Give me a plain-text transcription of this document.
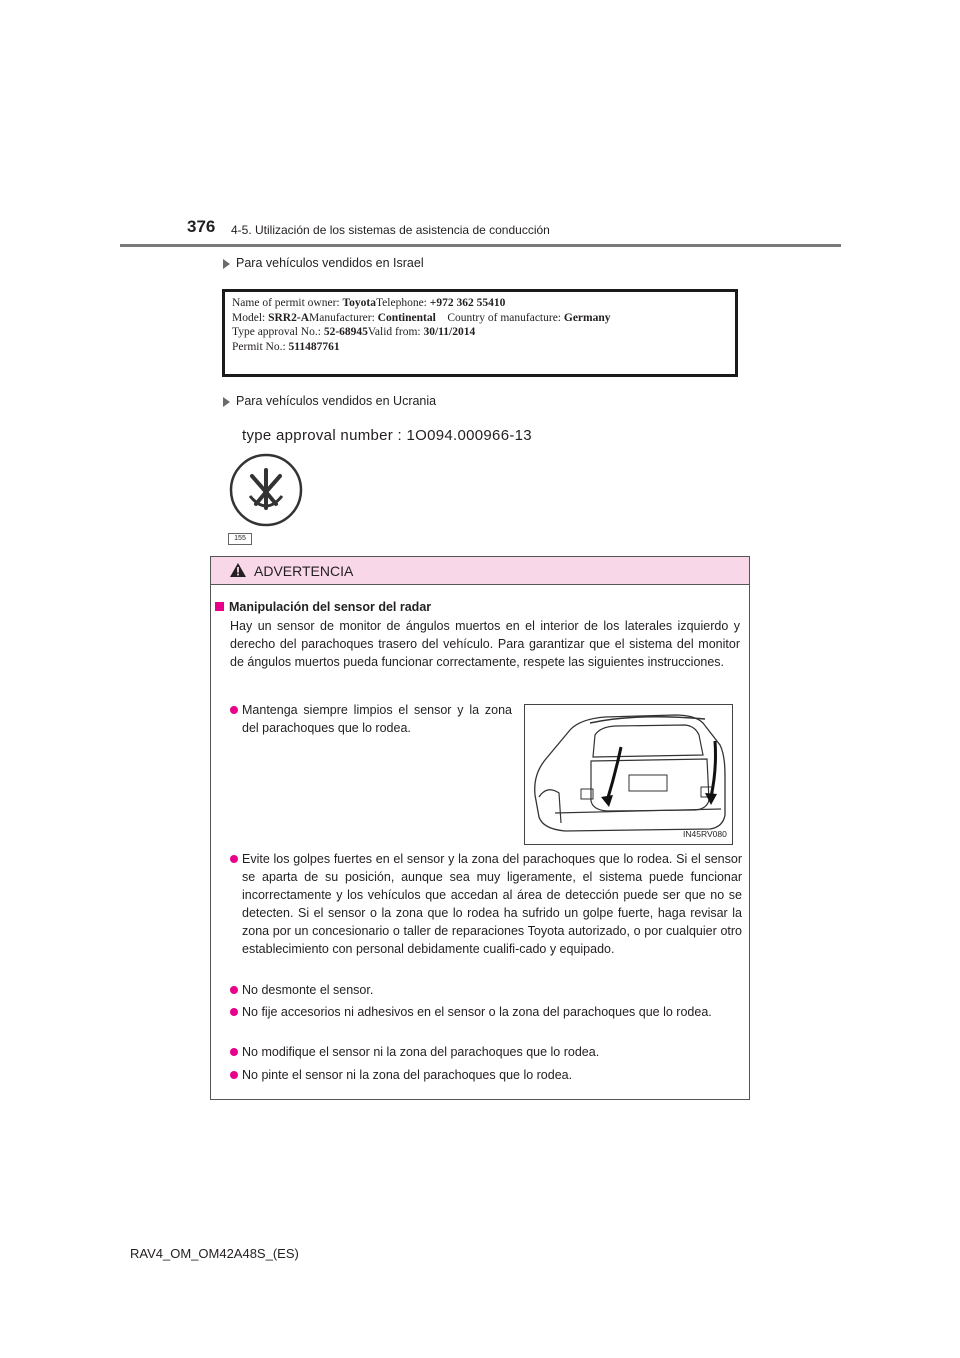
376 4-5. Utilización de los sistemas de asistencia de conducción
Para vehículos vendidos en Israel
Name of permit owner: ToyotaTelephone: +972 362 55410
Model: SRR2-AManufacturer: Continental Country of manufacture: Germany
Type approval No.: 52-68945Valid from: 30/11/2014
Permit No.: 511487761
Para vehículos vendidos en Ucrania
type approval number : 1O094.000966-13
155
ADVERTENCIA
Manipulación del sensor del radar
Hay un sensor de monitor de ángulos muertos en el interior de los laterales izquierdo y derecho del parachoques trasero del vehículo. Para garantizar que el sistema del monitor de ángulos muertos pueda funcionar correctamente, respete las siguientes instrucciones.
Mantenga siempre limpios el sensor y la zona del parachoques que lo rodea.
IN45RV080
Evite los golpes fuertes en el sensor y la zona del parachoques que lo rodea. Si el sensor se aparta de su posición, aunque sea muy ligeramente, el sistema puede funcionar incorrectamente y los vehículos que accedan al área de detección puede ser que no se detecten. Si el sensor o la zona que lo rodea ha sufrido un golpe fuerte, haga revisar la zona por un concesionario o taller de reparaciones Toyota autorizado, o por cualquier otro establecimiento con personal debidamente cualifi-cado y equipado.
No desmonte el sensor.
No fije accesorios ni adhesivos en el sensor o la zona del parachoques que lo rodea.
No modifique el sensor ni la zona del parachoques que lo rodea.
No pinte el sensor ni la zona del parachoques que lo rodea.
RAV4_OM_OM42A48S_(ES)
